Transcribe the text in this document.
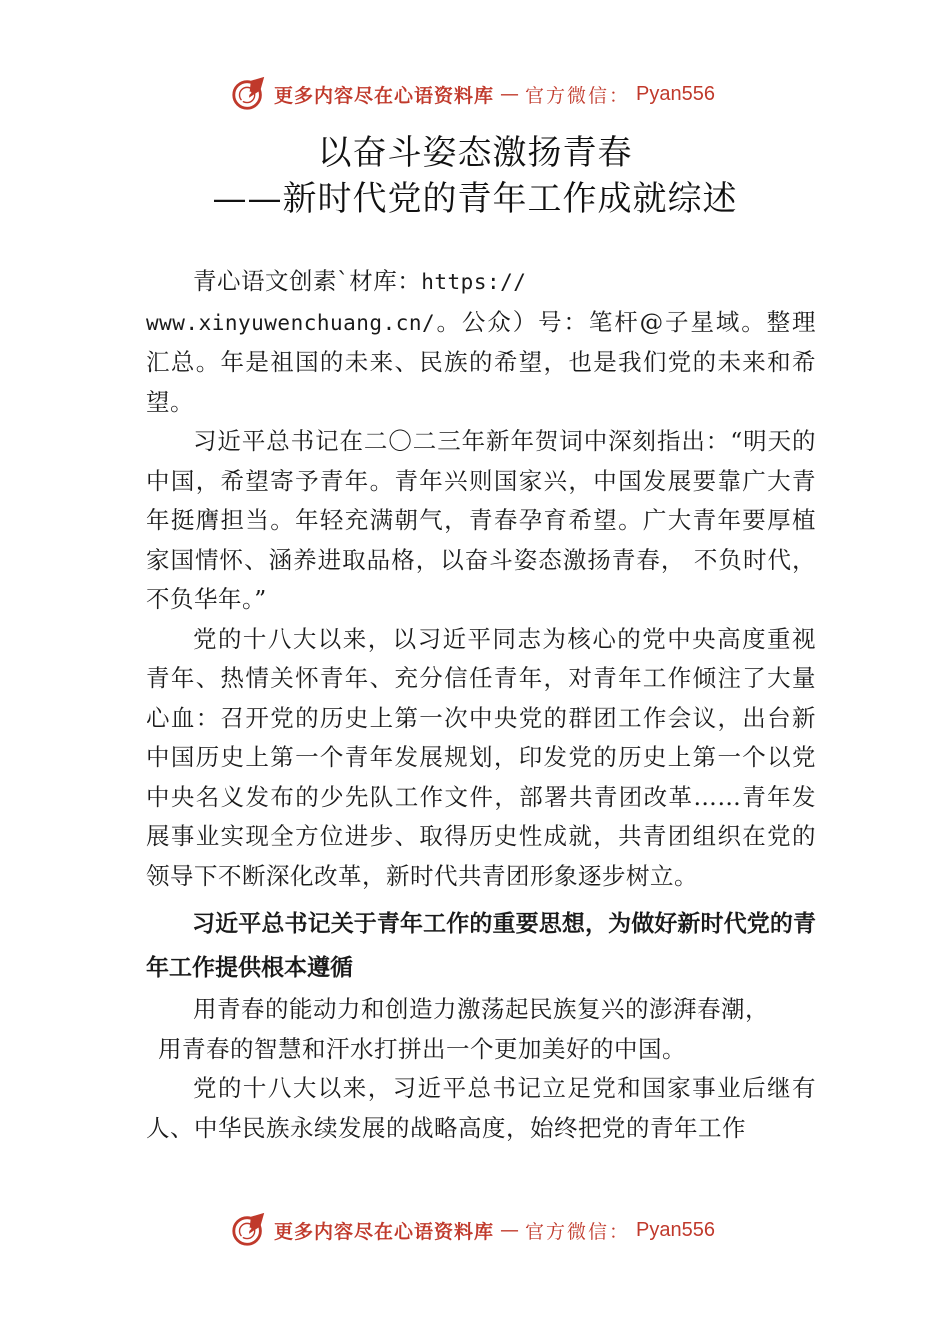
更多内容尽在心语资料库 — 官方微信： Pyan556
以奋斗姿态激扬青春
——新时代党的青年工作成就综述

青心语文创素`材库：https://
www.xinyuwenchuang.cn/。公众）号：笔杆@子星域。整理汇总。年是祖国的未来、民族的希望，也是我们党的未来和希望。

习近平总书记在二〇二三年新年贺词中深刻指出：“明天的中国，希望寄予青年。青年兴则国家兴，中国发展要靠广大青年挺膺担当。年轻充满朝气，青春孕育希望。广大青年要厚植家国情怀、涵养进取品格，以奋斗姿态激扬青春， 不负时代，不负华年。”

党的十八大以来，以习近平同志为核心的党中央高度重视青年、热情关怀青年、充分信任青年，对青年工作倾注了大量心血：召开党的历史上第一次中央党的群团工作会议，出台新中国历史上第一个青年发展规划，印发党的历史上第一个以党中央名义发布的少先队工作文件，部署共青团改革……青年发展事业实现全方位进步、取得历史性成就，共青团组织在党的领导下不断深化改革，新时代共青团形象逐步树立。

习近平总书记关于青年工作的重要思想，为做好新时代党的青年工作提供根本遵循

用青春的能动力和创造力激荡起民族复兴的澎湃春潮，
用青春的智慧和汗水打拼出一个更加美好的中国。

党的十八大以来，习近平总书记立足党和国家事业后继有人、中华民族永续发展的战略高度，始终把党的青年工作

更多内容尽在心语资料库 — 官方微信： Pyan556
